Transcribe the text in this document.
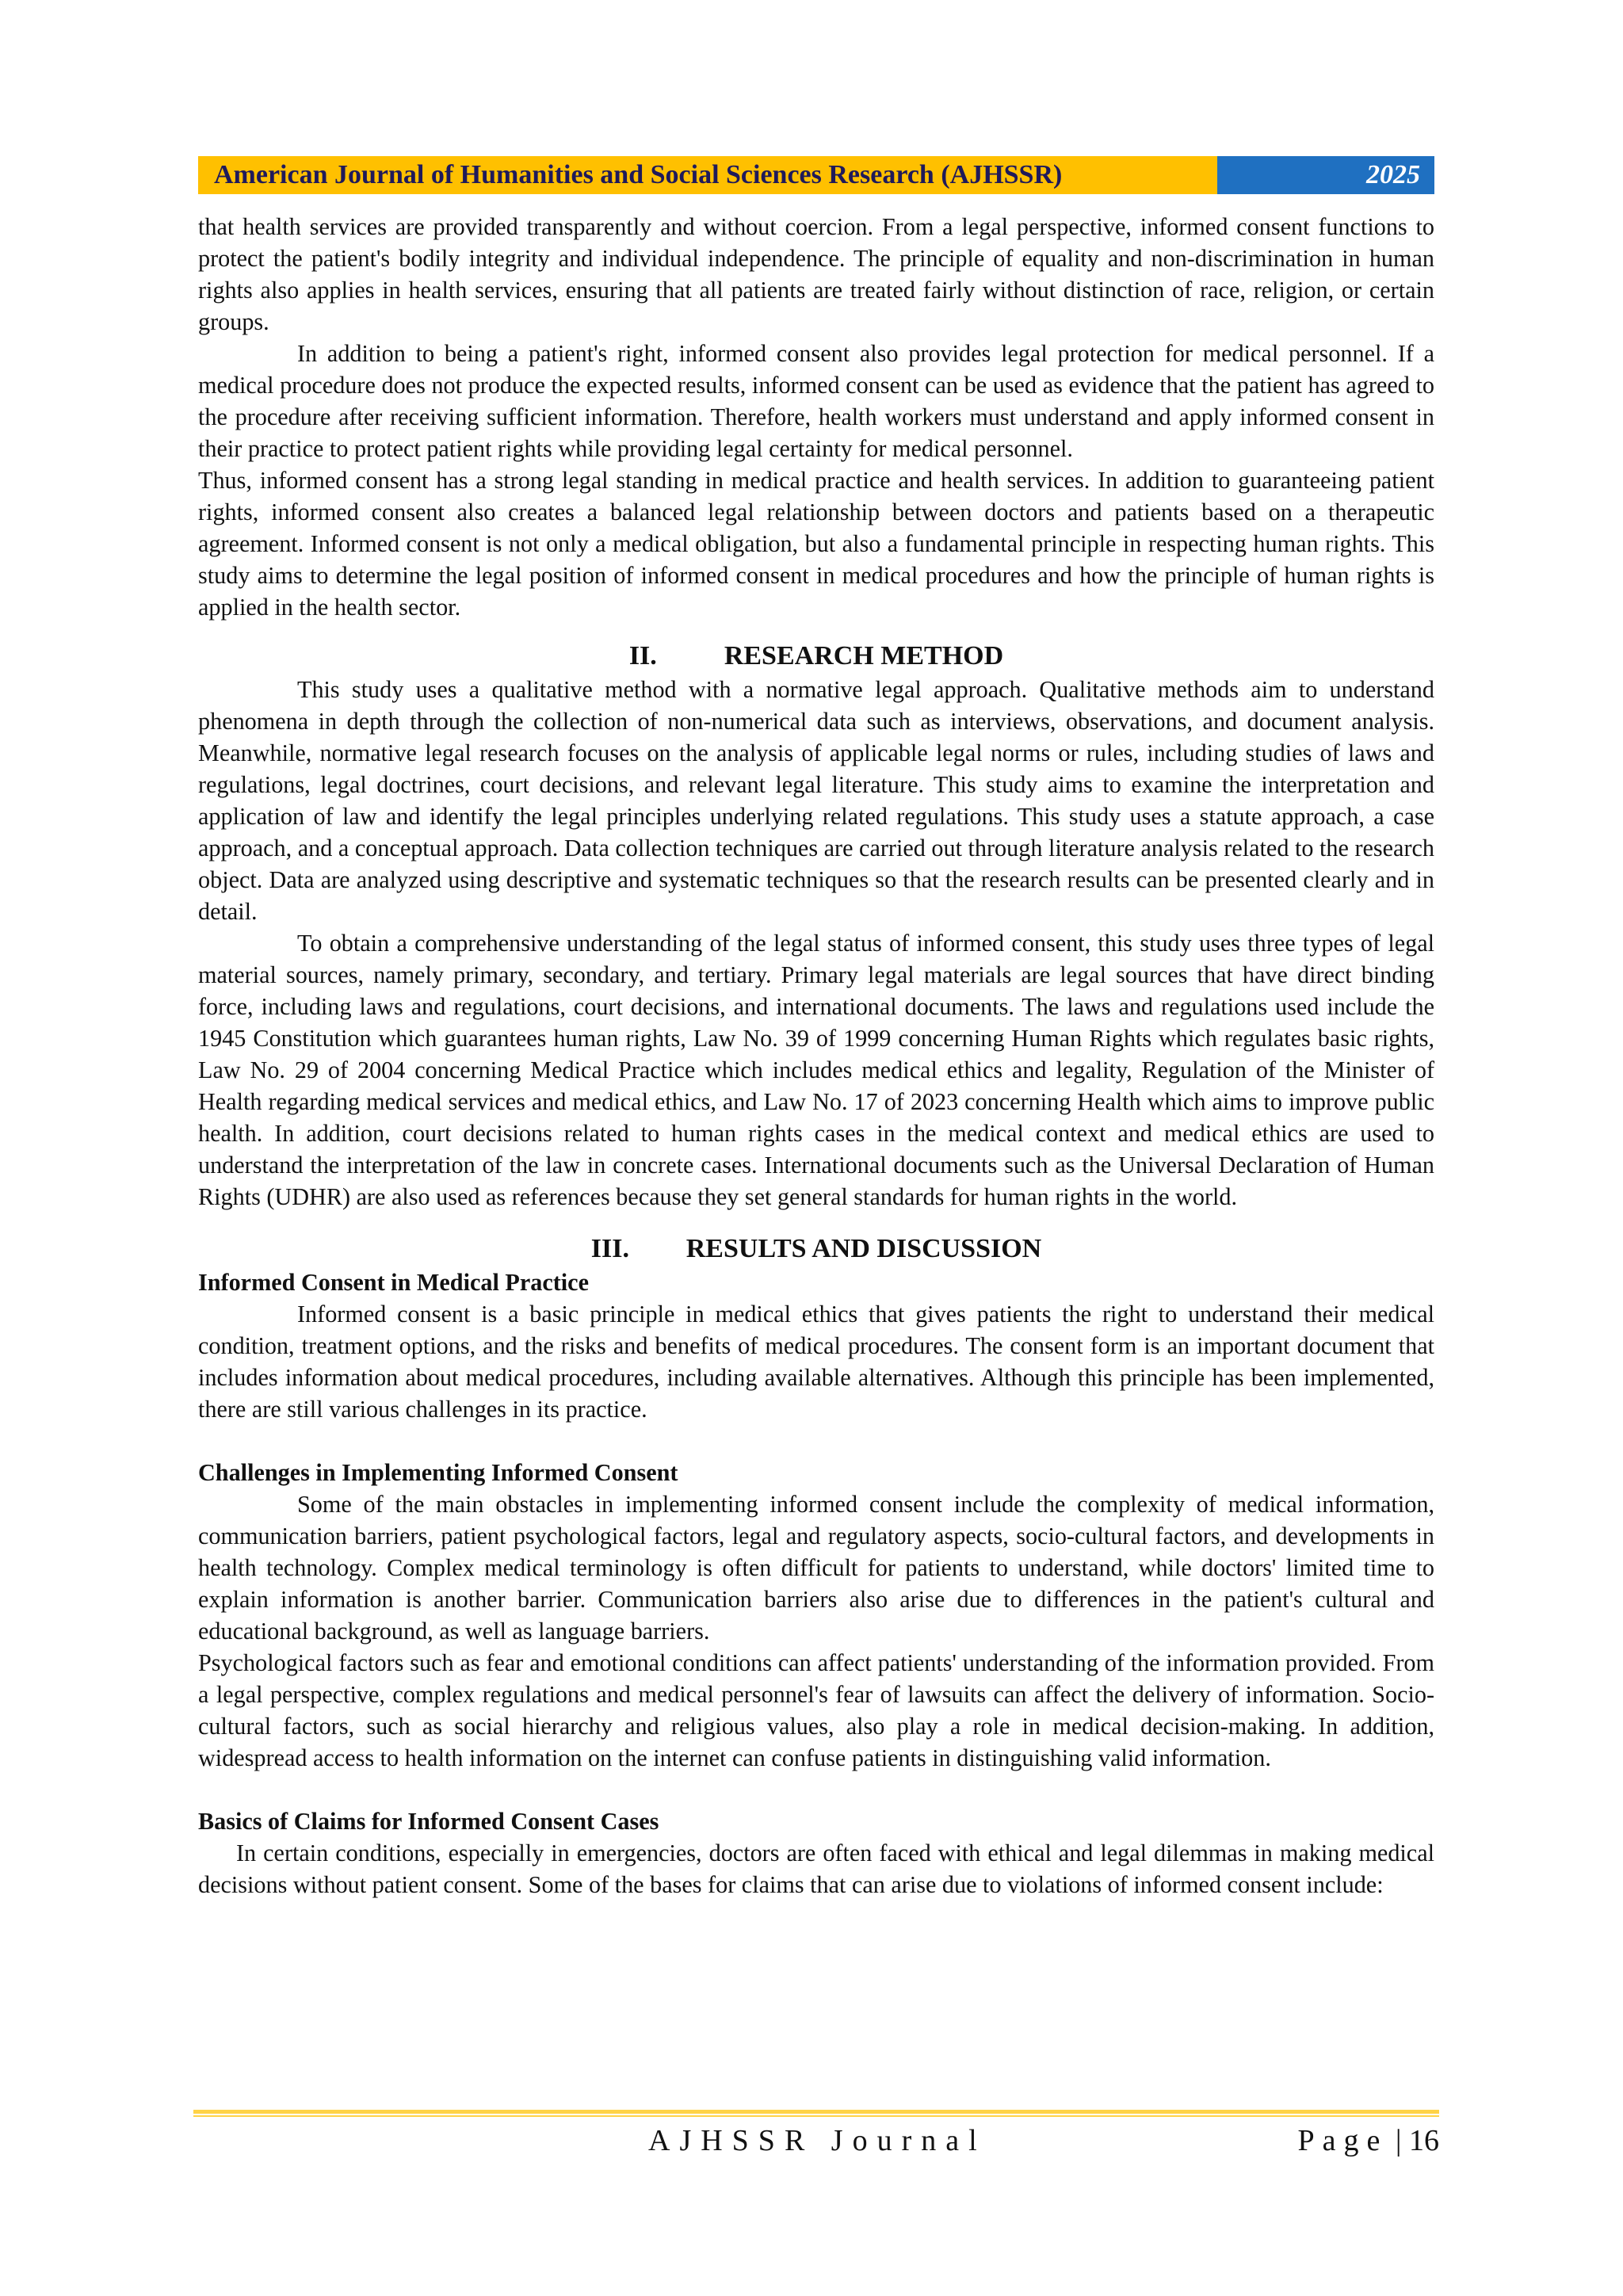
American Journal of Humanities and Social Sciences Research (AJHSSR)	2025

that health services are provided transparently and without coercion. From a legal perspective, informed consent functions to protect the patient's bodily integrity and individual independence. The principle of equality and non-discrimination in human rights also applies in health services, ensuring that all patients are treated fairly without distinction of race, religion, or certain groups.

In addition to being a patient's right, informed consent also provides legal protection for medical personnel. If a medical procedure does not produce the expected results, informed consent can be used as evidence that the patient has agreed to the procedure after receiving sufficient information. Therefore, health workers must understand and apply informed consent in their practice to protect patient rights while providing legal certainty for medical personnel.

Thus, informed consent has a strong legal standing in medical practice and health services. In addition to guaranteeing patient rights, informed consent also creates a balanced legal relationship between doctors and patients based on a therapeutic agreement. Informed consent is not only a medical obligation, but also a fundamental principle in respecting human rights. This study aims to determine the legal position of informed consent in medical procedures and how the principle of human rights is applied in the health sector.

II.	RESEARCH METHOD

This study uses a qualitative method with a normative legal approach. Qualitative methods aim to understand phenomena in depth through the collection of non-numerical data such as interviews, observations, and document analysis. Meanwhile, normative legal research focuses on the analysis of applicable legal norms or rules, including studies of laws and regulations, legal doctrines, court decisions, and relevant legal literature. This study aims to examine the interpretation and application of law and identify the legal principles underlying related regulations. This study uses a statute approach, a case approach, and a conceptual approach. Data collection techniques are carried out through literature analysis related to the research object. Data are analyzed using descriptive and systematic techniques so that the research results can be presented clearly and in detail.

To obtain a comprehensive understanding of the legal status of informed consent, this study uses three types of legal material sources, namely primary, secondary, and tertiary. Primary legal materials are legal sources that have direct binding force, including laws and regulations, court decisions, and international documents. The laws and regulations used include the 1945 Constitution which guarantees human rights, Law No. 39 of 1999 concerning Human Rights which regulates basic rights, Law No. 29 of 2004 concerning Medical Practice which includes medical ethics and legality, Regulation of the Minister of Health regarding medical services and medical ethics, and Law No. 17 of 2023 concerning Health which aims to improve public health. In addition, court decisions related to human rights cases in the medical context and medical ethics are used to understand the interpretation of the law in concrete cases. International documents such as the Universal Declaration of Human Rights (UDHR) are also used as references because they set general standards for human rights in the world.

III. RESULTS AND DISCUSSION
Informed Consent in Medical Practice

Informed consent is a basic principle in medical ethics that gives patients the right to understand their medical condition, treatment options, and the risks and benefits of medical procedures. The consent form is an important document that includes information about medical procedures, including available alternatives. Although this principle has been implemented, there are still various challenges in its practice.

Challenges in Implementing Informed Consent

Some of the main obstacles in implementing informed consent include the complexity of medical information, communication barriers, patient psychological factors, legal and regulatory aspects, socio-cultural factors, and developments in health technology. Complex medical terminology is often difficult for patients to understand, while doctors' limited time to explain information is another barrier. Communication barriers also arise due to differences in the patient's cultural and educational background, as well as language barriers.

Psychological factors such as fear and emotional conditions can affect patients' understanding of the information provided. From a legal perspective, complex regulations and medical personnel's fear of lawsuits can affect the delivery of information. Socio-cultural factors, such as social hierarchy and religious values, also play a role in medical decision-making. In addition, widespread access to health information on the internet can confuse patients in distinguishing valid information.

Basics of Claims for Informed Consent Cases

In certain conditions, especially in emergencies, doctors are often faced with ethical and legal dilemmas in making medical decisions without patient consent. Some of the bases for claims that can arise due to violations of informed consent include:

AJHSSR Journal	Page | 16
